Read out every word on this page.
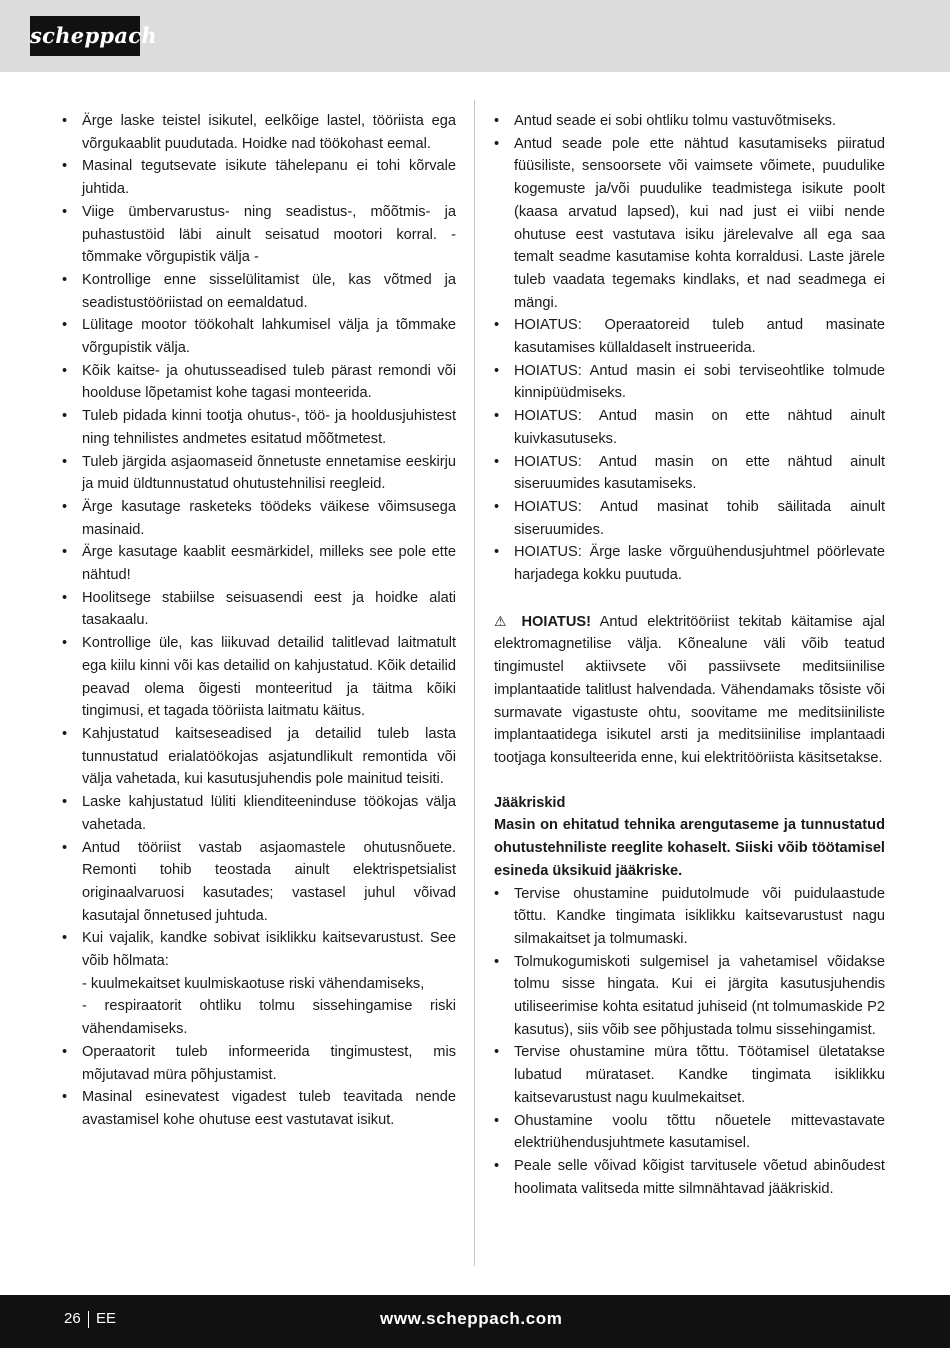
scheppach
• Ärge laske teistel isikutel, eelkõige lastel, tööriista ega võrgukaablit puudutada. Hoidke nad töökohast eemal.
• Masinal tegutsevate isikute tähelepanu ei tohi kõrvale juhtida.
• Viige ümbervarustus- ning seadistus-, mõõtmis- ja puhastustöid läbi ainult seisatud mootori korral. - tõmmake võrgupistik välja -
• Kontrollige enne sisselülitamist üle, kas võtmed ja seadistustööriistad on eemaldatud.
• Lülitage mootor töökohalt lahkumisel välja ja tõmmake võrgupistik välja.
• Kõik kaitse- ja ohutusseadised tuleb pärast remondi või hoolduse lõpetamist kohe tagasi monteerida.
• Tuleb pidada kinni tootja ohutus-, töö- ja hooldusjuhistest ning tehnilistes andmetes esitatud mõõtmetest.
• Tuleb järgida asjaomaseid õnnetuste ennetamise eeskirju ja muid üldtunnustatud ohutustehnilisi reegleid.
• Ärge kasutage rasketeks töödeks väikese võimsusega masinaid.
• Ärge kasutage kaablit eesmärkidel, milleks see pole ette nähtud!
• Hoolitsege stabiilse seisuasendi eest ja hoidke alati tasakaalu.
• Kontrollige üle, kas liikuvad detailid talitlevad laitmatult ega kiilu kinni või kas detailid on kahjustatud. Kõik detailid peavad olema õigesti monteeritud ja täitma kõiki tingimusi, et tagada tööriista laitmatu käitus.
• Kahjustatud kaitseseadised ja detailid tuleb lasta tunnustatud erialatöökojas asjatundlikult remontida või välja vahetada, kui kasutusjuhendis pole mainitud teisiti.
• Laske kahjustatud lüliti klienditeeninduse töökojas välja vahetada.
• Antud tööriist vastab asjaomastele ohutusnõuete. Remonti tohib teostada ainult elektrispetsialist originaalvaruosi kasutades; vastasel juhul võivad kasutajal õnnetused juhtuda.
• Kui vajalik, kandke sobivat isiklikku kaitsevarustust. See võib hõlmata:
- kuulmekaitset kuulmiskaotuse riski vähendamiseks,
- respiraatorit ohtliku tolmu sissehingamise riski vähendamiseks.
• Operaatorit tuleb informeerida tingimustest, mis mõjutavad müra põhjustamist.
• Masinal esinevatest vigadest tuleb teavitada nende avastamisel kohe ohutuse eest vastutavat isikut.
• Antud seade ei sobi ohtliku tolmu vastuvõtmiseks.
• Antud seade pole ette nähtud kasutamiseks piiratud füüsiliste, sensoorsete või vaimsete võimete, puudulike kogemuste ja/või puudulike teadmistega isikute poolt (kaasa arvatud lapsed), kui nad just ei viibi nende ohutuse eest vastutava isiku järelevalve all ega saa temalt seadme kasutamise kohta korraldusi. Laste järele tuleb vaadata tegemaks kindlaks, et nad seadmega ei mängi.
• HOIATUS: Operaatoreid tuleb antud masinate kasutamises küllaldaselt instrueerida.
• HOIATUS: Antud masin ei sobi terviseohtlike tolmude kinnipüüdmiseks.
• HOIATUS: Antud masin on ette nähtud ainult kuivkasutuseks.
• HOIATUS: Antud masin on ette nähtud ainult siseruumides kasutamiseks.
• HOIATUS: Antud masinat tohib säilitada ainult siseruumides.
• HOIATUS: Ärge laske võrguühendusjuhtmel pöörlevate harjadega kokku puutuda.

⚠ HOIATUS! Antud elektritööriist tekitab käitamise ajal elektromagnetilise välja. Kõnealune väli võib teatud tingimustel aktiivsete või passiivsete meditsiinilise implantaatide talitlust halvendada. Vähendamaks tõsiste või surmavate vigastuste ohtu, soovitame me meditsiiniliste implantaatidega isikutel arsti ja meditsiinilise implantaadi tootjaga konsulteerida enne, kui elektritööriista käsitsetakse.

Jääkriskid

Masin on ehitatud tehnika arengutaseme ja tunnustatud ohutustehniliste reeglite kohaselt. Siiski võib töötamisel esineda üksikuid jääkriske.

• Tervise ohustamine puidutolmude või puidulaastude tõttu. Kandke tingimata isiklikku kaitsevarustust nagu silmakaitset ja tolmumaski.
• Tolmukogumiskoti sulgemisel ja vahetamisel võidakse tolmu sisse hingata. Kui ei järgita kasutusjuhendis utiliseerimise kohta esitatud juhiseid (nt tolmumaskide P2 kasutus), siis võib see põhjustada tolmu sissehingamist.
• Tervise ohustamine müra tõttu. Töötamisel ületatakse lubatud mürataset. Kandke tingimata isiklikku kaitsevarustust nagu kuulmekaitset.
• Ohustamine voolu tõttu nõuetele mittevastavate elektriühendusjuhtmete kasutamisel.
• Peale selle võivad kõigist tarvitusele võetud abinõudest hoolimata valitseda mitte silmnähtavad jääkriskid.
26 EE	www.scheppach.com
